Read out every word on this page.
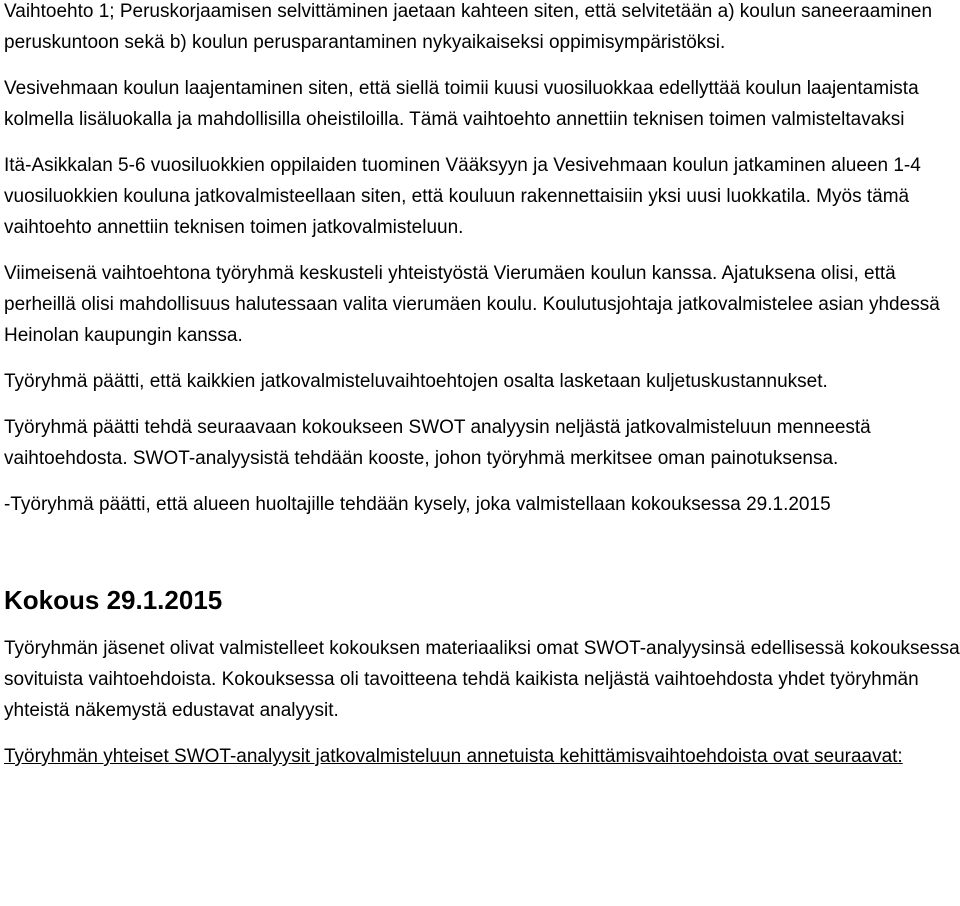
Vaihtoehto 1; Peruskorjaamisen selvittäminen jaetaan kahteen siten, että selvitetään a) koulun saneeraaminen peruskuntoon sekä b) koulun perusparantaminen nykyaikaiseksi oppimisympäristöksi.

Vesivehmaan koulun laajentaminen siten, että siellä toimii kuusi vuosiluokkaa edellyttää koulun laajentamista kolmella lisäluokalla ja mahdollisilla oheistiloilla. Tämä vaihtoehto annettiin teknisen toimen valmisteltavaksi

Itä-Asikkalan 5-6 vuosiluokkien oppilaiden tuominen Vääksyyn ja Vesivehmaan koulun jatkaminen alueen 1-4 vuosiluokkien kouluna jatkovalmisteellaan siten, että kouluun rakennettaisiin yksi uusi luokkatila. Myös tämä vaihtoehto annettiin teknisen toimen jatkovalmisteluun.

Viimeisenä vaihtoehtona työryhmä keskusteli yhteistyöstä Vierumäen koulun kanssa. Ajatuksena olisi, että perheillä olisi mahdollisuus halutessaan valita vierumäen koulu. Koulutusjohtaja jatkovalmistelee asian yhdessä Heinolan kaupungin kanssa.

Työryhmä päätti, että kaikkien jatkovalmisteluvaihtoehtojen osalta lasketaan kuljetuskustannukset.

Työryhmä päätti tehdä seuraavaan kokoukseen SWOT analyysin neljästä jatkovalmisteluun menneestä vaihtoehdosta. SWOT-analyysistä tehdään kooste, johon työryhmä merkitsee oman painotuksensa.

-Työryhmä päätti, että alueen huoltajille tehdään kysely, joka valmistellaan kokouksessa 29.1.2015

Kokous 29.1.2015

Työryhmän jäsenet olivat valmistelleet kokouksen materiaaliksi omat SWOT-analyysinsä edellisessä kokouksessa sovituista vaihtoehdoista. Kokouksessa oli tavoitteena tehdä kaikista neljästä vaihtoehdosta yhdet työryhmän yhteistä näkemystä edustavat analyysit.

Työryhmän yhteiset SWOT-analyysit jatkovalmisteluun annetuista kehittämisvaihtoehdoista ovat seuraavat:
